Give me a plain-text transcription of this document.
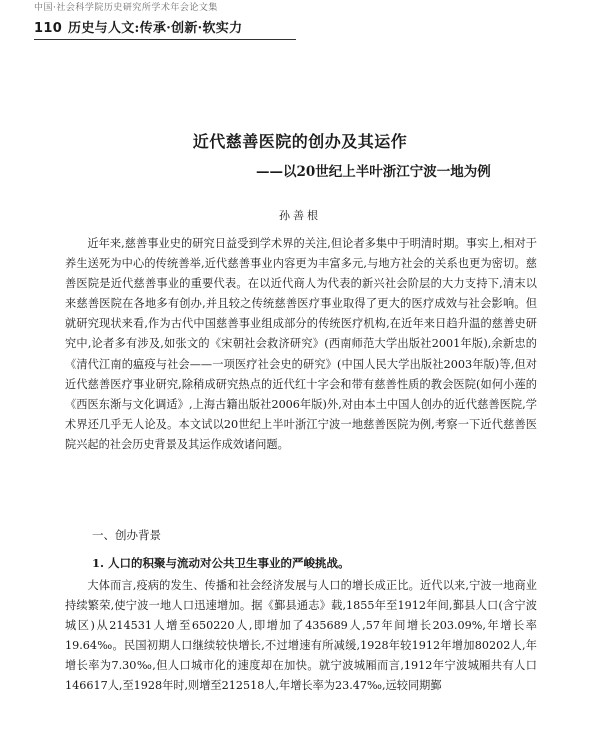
中国·社会科学院历史研究所学术年会论文集
110 历史与人文:传承·创新·软实力
近代慈善医院的创办及其运作
——以20世纪上半叶浙江宁波一地为例
孙善根

近年来,慈善事业史的研究日益受到学术界的关注,但论者多集中于明清时期。事实上,相对于养生送死为中心的传统善举,近代慈善事业内容更为丰富多元,与地方社会的关系也更为密切。慈善医院是近代慈善事业的重要代表。在以近代商人为代表的新兴社会阶层的大力支持下,清末以来慈善医院在各地多有创办,并且较之传统慈善医疗事业取得了更大的医疗成效与社会影响。但就研究现状来看,作为古代中国慈善事业组成部分的传统医疗机构,在近年来日趋升温的慈善史研究中,论者多有涉及,如张文的《宋朝社会救济研究》(西南师范大学出版社2001年版),余新忠的《清代江南的瘟疫与社会——一项医疗社会史的研究》(中国人民大学出版社2003年版)等,但对近代慈善医疗事业研究,除稍成研究热点的近代红十字会和带有慈善性质的教会医院(如何小莲的《西医东渐与文化调适》,上海古籍出版社2006年版)外,对由本土中国人创办的近代慈善医院,学术界还几乎无人论及。本文试以20世纪上半叶浙江宁波一地慈善医院为例,考察一下近代慈善医院兴起的社会历史背景及其运作成效诸问题。

一、创办背景
1. 人口的积聚与流动对公共卫生事业的严峻挑战。

大体而言,疫病的发生、传播和社会经济发展与人口的增长成正比。近代以来,宁波一地商业持续繁荣,使宁波一地人口迅速增加。据《鄞县通志》载,1855年至1912年间,鄞县人口(含宁波城区)从214531人增至650220人,即增加了435689人,57年间增长203.09%,年增长率19.64‰。民国初期人口继续较快增长,不过增速有所减缓,1928年较1912年增加80202人,年增长率为7.30‰,但人口城市化的速度却在加快。就宁波城厢而言,1912年宁波城厢共有人口146617人,至1928年时,则增至212518人,年增长率为23.47‰,远较同期鄞
